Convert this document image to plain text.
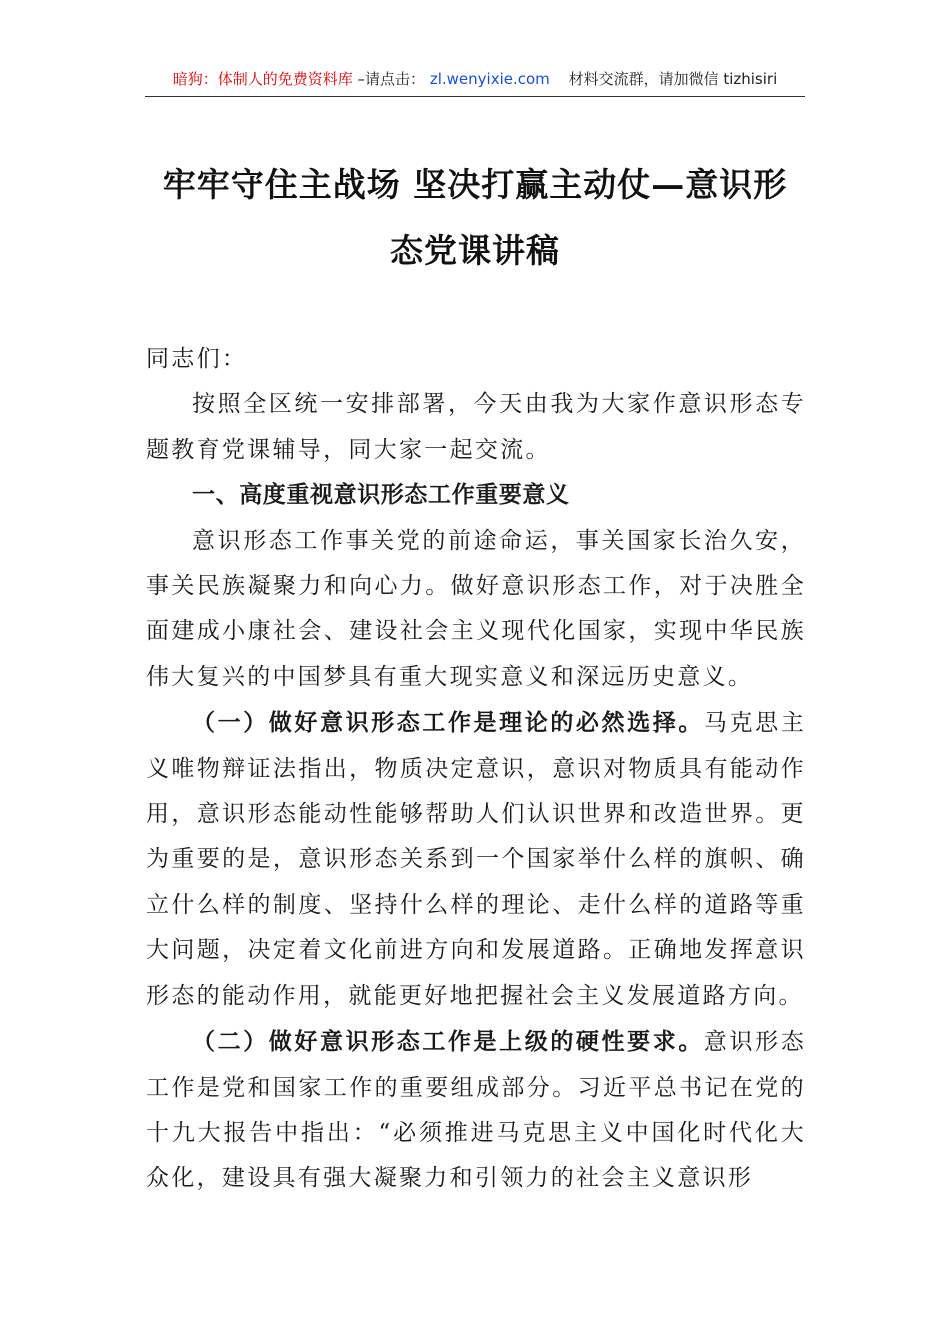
暗狗：体制人的免费资料库 –请点击： zl.wenyixie.com 材料交流群，请加微信 tizhisiri
牢牢守住主战场 坚决打赢主动仗—意识形
态党课讲稿

同志们：

按照全区统一安排部署，今天由我为大家作意识形态专题教育党课辅导，同大家一起交流。

一、高度重视意识形态工作重要意义

意识形态工作事关党的前途命运，事关国家长治久安，事关民族凝聚力和向心力。做好意识形态工作，对于决胜全面建成小康社会、建设社会主义现代化国家，实现中华民族伟大复兴的中国梦具有重大现实意义和深远历史意义。

（一）做好意识形态工作是理论的必然选择。马克思主义唯物辩证法指出，物质决定意识，意识对物质具有能动作用，意识形态能动性能够帮助人们认识世界和改造世界。更为重要的是，意识形态关系到一个国家举什么样的旗帜、确立什么样的制度、坚持什么样的理论、走什么样的道路等重大问题，决定着文化前进方向和发展道路。正确地发挥意识形态的能动作用，就能更好地把握社会主义发展道路方向。

（二）做好意识形态工作是上级的硬性要求。意识形态工作是党和国家工作的重要组成部分。习近平总书记在党的十九大报告中指出：“必须推进马克思主义中国化时代化大众化，建设具有强大凝聚力和引领力的社会主义意识形
